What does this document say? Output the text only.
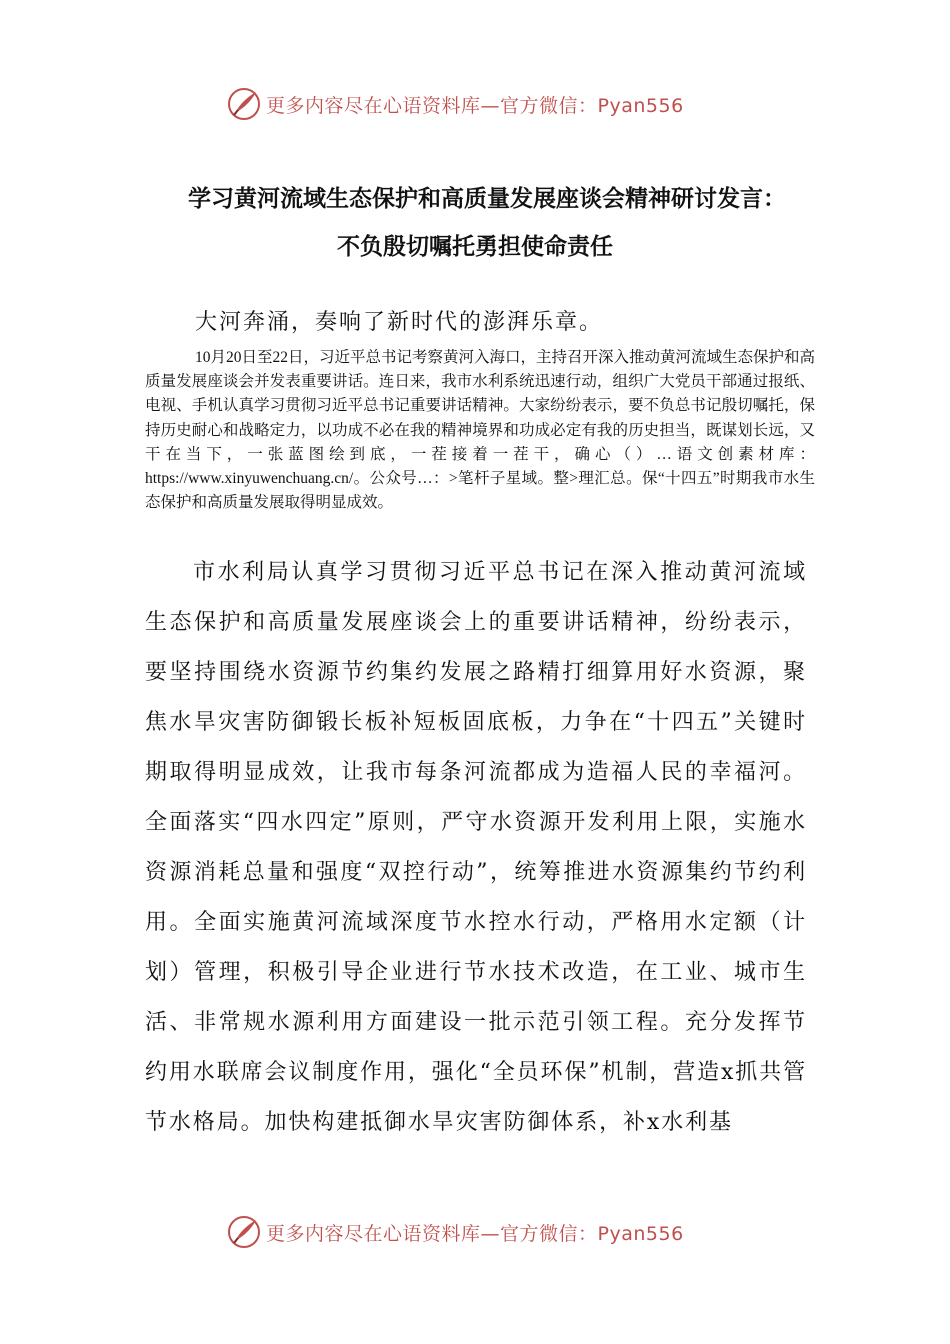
更多内容尽在心语资料库—官方微信：Pyan556
学习黄河流域生态保护和高质量发展座谈会精神研讨发言：
不负殷切嘱托勇担使命责任
大河奔涌，奏响了新时代的澎湃乐章。

10月20日至22日，习近平总书记考察黄河入海口，主持召开深入推动黄河流域生态保护和高质量发展座谈会并发表重要讲话。连日来，我市水利系统迅速行动，组织广大党员干部通过报纸、电视、手机认真学习贯彻习近平总书记重要讲话精神。大家纷纷表示，要不负总书记殷切嘱托，保持历史耐心和战略定力，以功成不必在我的精神境界和功成必定有我的历史担当，既谋划长远，又干在当下，一张蓝图绘到底，一茬接着一茬干，确心（）…语文创素材库：https://www.xinyuwenchuang.cn/。公众号…：>笔杆子星域。整>理汇总。保“十四五”时期我市水生态保护和高质量发展取得明显成效。

市水利局认真学习贯彻习近平总书记在深入推动黄河流域生态保护和高质量发展座谈会上的重要讲话精神，纷纷表示，要坚持围绕水资源节约集约发展之路精打细算用好水资源，聚焦水旱灾害防御锻长板补短板固底板，力争在“十四五”关键时期取得明显成效，让我市每条河流都成为造福人民的幸福河。全面落实“四水四定”原则，严守水资源开发利用上限，实施水资源消耗总量和强度“双控行动”，统筹推进水资源集约节约利用。全面实施黄河流域深度节水控水行动，严格用水定额（计划）管理，积极引导企业进行节水技术改造，在工业、城市生活、非常规水源利用方面建设一批示范引领工程。充分发挥节约用水联席会议制度作用，强化“全员环保”机制，营造x抓共管节水格局。加快构建抵御水旱灾害防御体系，补x水利基

更多内容尽在心语资料库—官方微信：Pyan556
